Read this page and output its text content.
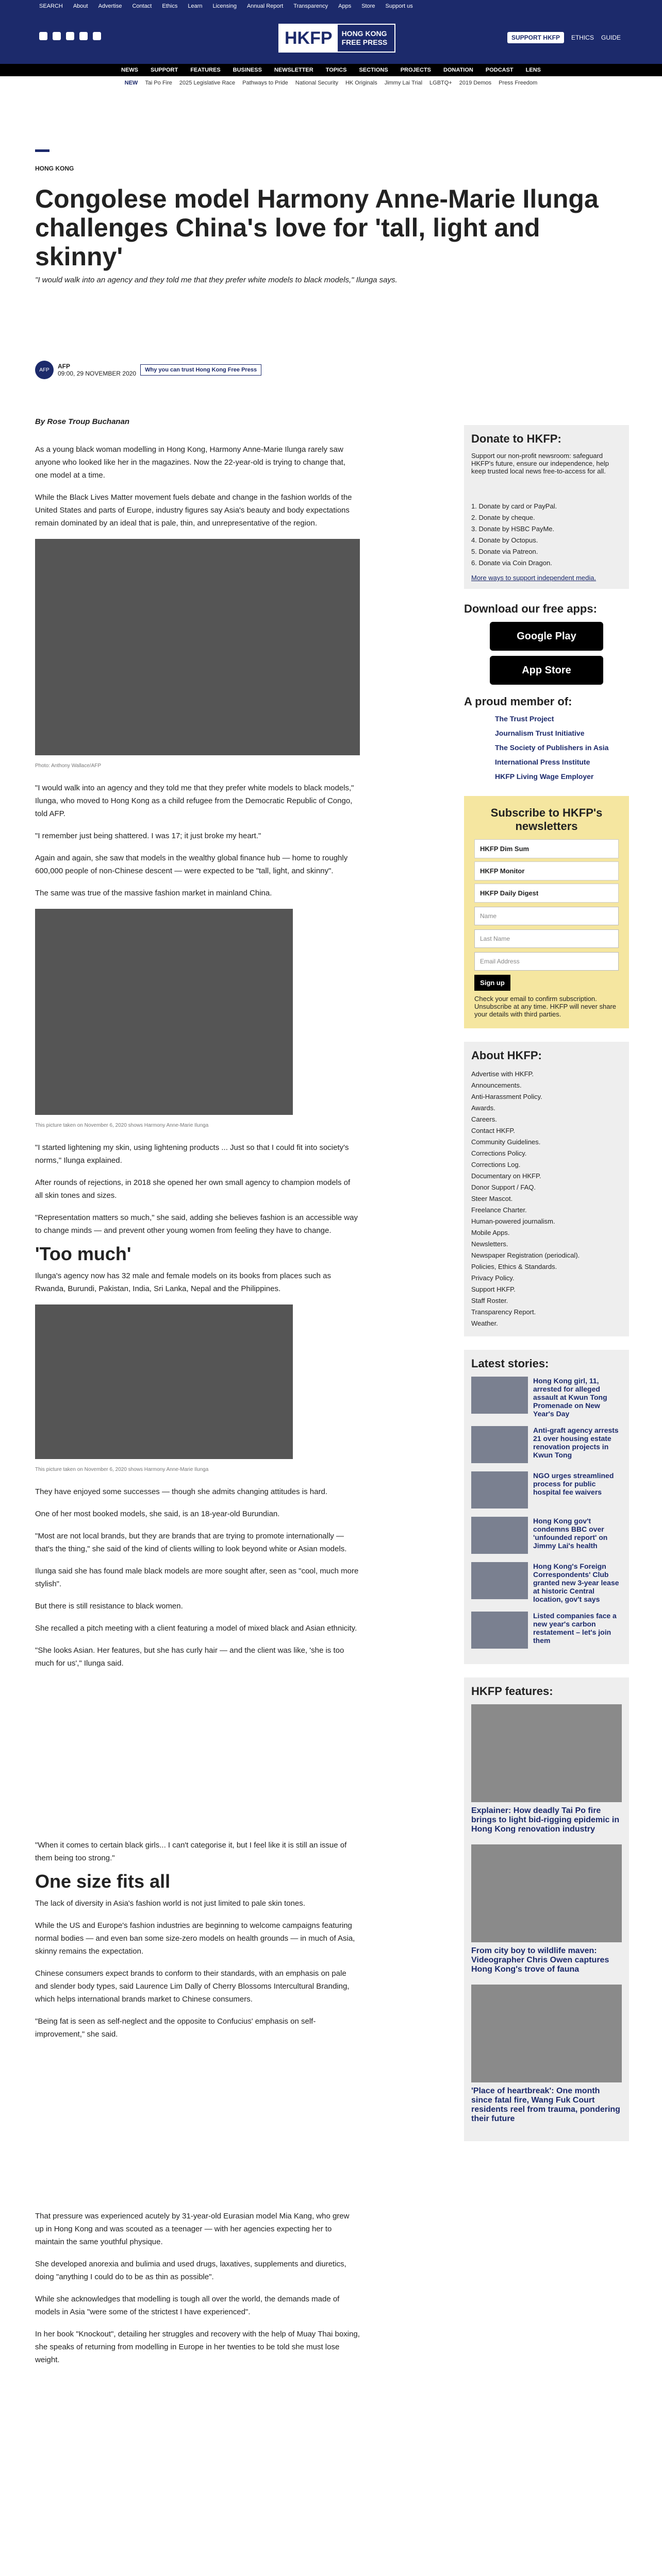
SEARCH About Advertise Contact Ethics Learn Licensing Annual Report Transparency Apps Store Support us
HKFP	HONG KONG FREE PRESS
SUPPORT HKFP	ETHICS GUIDE
NEWS SUPPORT FEATURES BUSINESS NEWSLETTER TOPICS SECTIONS PROJECTS DONATION PODCAST LENS
NEW Tai Po Fire 2025 Legislative Race Pathways to Pride National Security HK Originals Jimmy Lai Trial LGBTQ+ 2019 Demos Press Freedom
HONG KONG
Congolese model Harmony Anne-Marie Ilunga challenges China's love for 'tall, light and skinny'
"I would walk into an agency and they told me that they prefer white models to black models," Ilunga says.
AFP	AFP
09:00, 29 NOVEMBER 2020	Why you can trust Hong Kong Free Press
By Rose Troup Buchanan

As a young black woman modelling in Hong Kong, Harmony Anne-Marie Ilunga rarely saw anyone who looked like her in the magazines. Now the 22-year-old is trying to change that, one model at a time.

While the Black Lives Matter movement fuels debate and change in the fashion worlds of the United States and parts of Europe, industry figures say Asia's beauty and body expectations remain dominated by an ideal that is pale, thin, and unrepresentative of the region.

Photo: Anthony Wallace/AFP

"I would walk into an agency and they told me that they prefer white models to black models," Ilunga, who moved to Hong Kong as a child refugee from the Democratic Republic of Congo, told AFP.

"I remember just being shattered. I was 17; it just broke my heart."

Again and again, she saw that models in the wealthy global finance hub — home to roughly 600,000 people of non-Chinese descent — were expected to be "tall, light, and skinny".

The same was true of the massive fashion market in mainland China.

This picture taken on November 6, 2020 shows Harmony Anne-Marie Ilunga

"I started lightening my skin, using lightening products ... Just so that I could fit into society's norms," Ilunga explained.

After rounds of rejections, in 2018 she opened her own small agency to champion models of all skin tones and sizes.

"Representation matters so much," she said, adding she believes fashion is an accessible way to change minds — and prevent other young women from feeling they have to change.

'Too much'

Ilunga's agency now has 32 male and female models on its books from places such as Rwanda, Burundi, Pakistan, India, Sri Lanka, Nepal and the Philippines.

This picture taken on November 6, 2020 shows Harmony Anne-Marie Ilunga

They have enjoyed some successes — though she admits changing attitudes is hard.

One of her most booked models, she said, is an 18-year-old Burundian.

"Most are not local brands, but they are brands that are trying to promote internationally — that's the thing," she said of the kind of clients willing to look beyond white or Asian models.

Ilunga said she has found male black models are more sought after, seen as "cool, much more stylish".

But there is still resistance to black women.

She recalled a pitch meeting with a client featuring a model of mixed black and Asian ethnicity.

"She looks Asian. Her features, but she has curly hair — and the client was like, 'she is too much for us'," Ilunga said.

"When it comes to certain black girls... I can't categorise it, but I feel like it is still an issue of them being too strong."

One size fits all

The lack of diversity in Asia's fashion world is not just limited to pale skin tones.

While the US and Europe's fashion industries are beginning to welcome campaigns featuring normal bodies — and even ban some size-zero models on health grounds — in much of Asia, skinny remains the expectation.

Chinese consumers expect brands to conform to their standards, with an emphasis on pale and slender body types, said Laurence Lim Dally of Cherry Blossoms Intercultural Branding, which helps international brands market to Chinese consumers.

"Being fat is seen as self-neglect and the opposite to Confucius' emphasis on self-improvement," she said.

That pressure was experienced acutely by 31-year-old Eurasian model Mia Kang, who grew up in Hong Kong and was scouted as a teenager — with her agencies expecting her to maintain the same youthful physique.

She developed anorexia and bulimia and used drugs, laxatives, supplements and diuretics, doing "anything I could do to be as thin as possible".

While she acknowledges that modelling is tough all over the world, the demands made of models in Asia "were some of the strictest I have experienced".

In her book "Knockout", detailing her struggles and recovery with the help of Muay Thai boxing, she speaks of returning from modelling in Europe in her twenties to be told she must lose weight.

Donate to HKFP:

Support our non-profit newsroom: safeguard HKFP's future, ensure our independence, help keep trusted local news free-to-access for all.

1. Donate by card or PayPal.
2. Donate by cheque.
3. Donate by HSBC PayMe.
4. Donate by Octopus.
5. Donate via Patreon.
6. Donate via Coin Dragon.

More ways to support independent media.

Download our free apps:
Google Play
App Store
A proud member of:
The Trust Project
Journalism Trust Initiative
The Society of Publishers in Asia
International Press Institute
HKFP Living Wage Employer
Subscribe to HKFP's newsletters
HKFP Dim Sum
HKFP Monitor
HKFP Daily Digest
Name
Last Name
Email Address
Sign up

Check your email to confirm subscription. Unsubscribe at any time. HKFP will never share your details with third parties.

About HKFP:
Advertise with HKFP.
Announcements.
Anti-Harassment Policy.
Awards.
Careers.
Contact HKFP.
Community Guidelines.
Corrections Policy.
Corrections Log.
Documentary on HKFP.
Donor Support / FAQ.
Steer Mascot.
Freelance Charter.
Human-powered journalism.
Mobile Apps.
Newsletters.
Newspaper Registration (periodical).
Policies, Ethics & Standards.
Privacy Policy.
Support HKFP.
Staff Roster.
Transparency Report.
Weather.
Latest stories:
Hong Kong girl, 11, arrested for alleged assault at Kwun Tong Promenade on New Year's Day
Anti-graft agency arrests 21 over housing estate renovation projects in Kwun Tong
NGO urges streamlined process for public hospital fee waivers
Hong Kong gov't condemns BBC over 'unfounded report' on Jimmy Lai's health
Hong Kong's Foreign Correspondents' Club granted new 3-year lease at historic Central location, gov't says
Listed companies face a new year's carbon restatement – let's join them
HKFP features:
Explainer: How deadly Tai Po fire brings to light bid-rigging epidemic in Hong Kong renovation industry
From city boy to wildlife maven: Videographer Chris Owen captures Hong Kong's trove of fauna
'Place of heartbreak': One month since fatal fire, Wang Fuk Court residents reel from trauma, pondering their future
